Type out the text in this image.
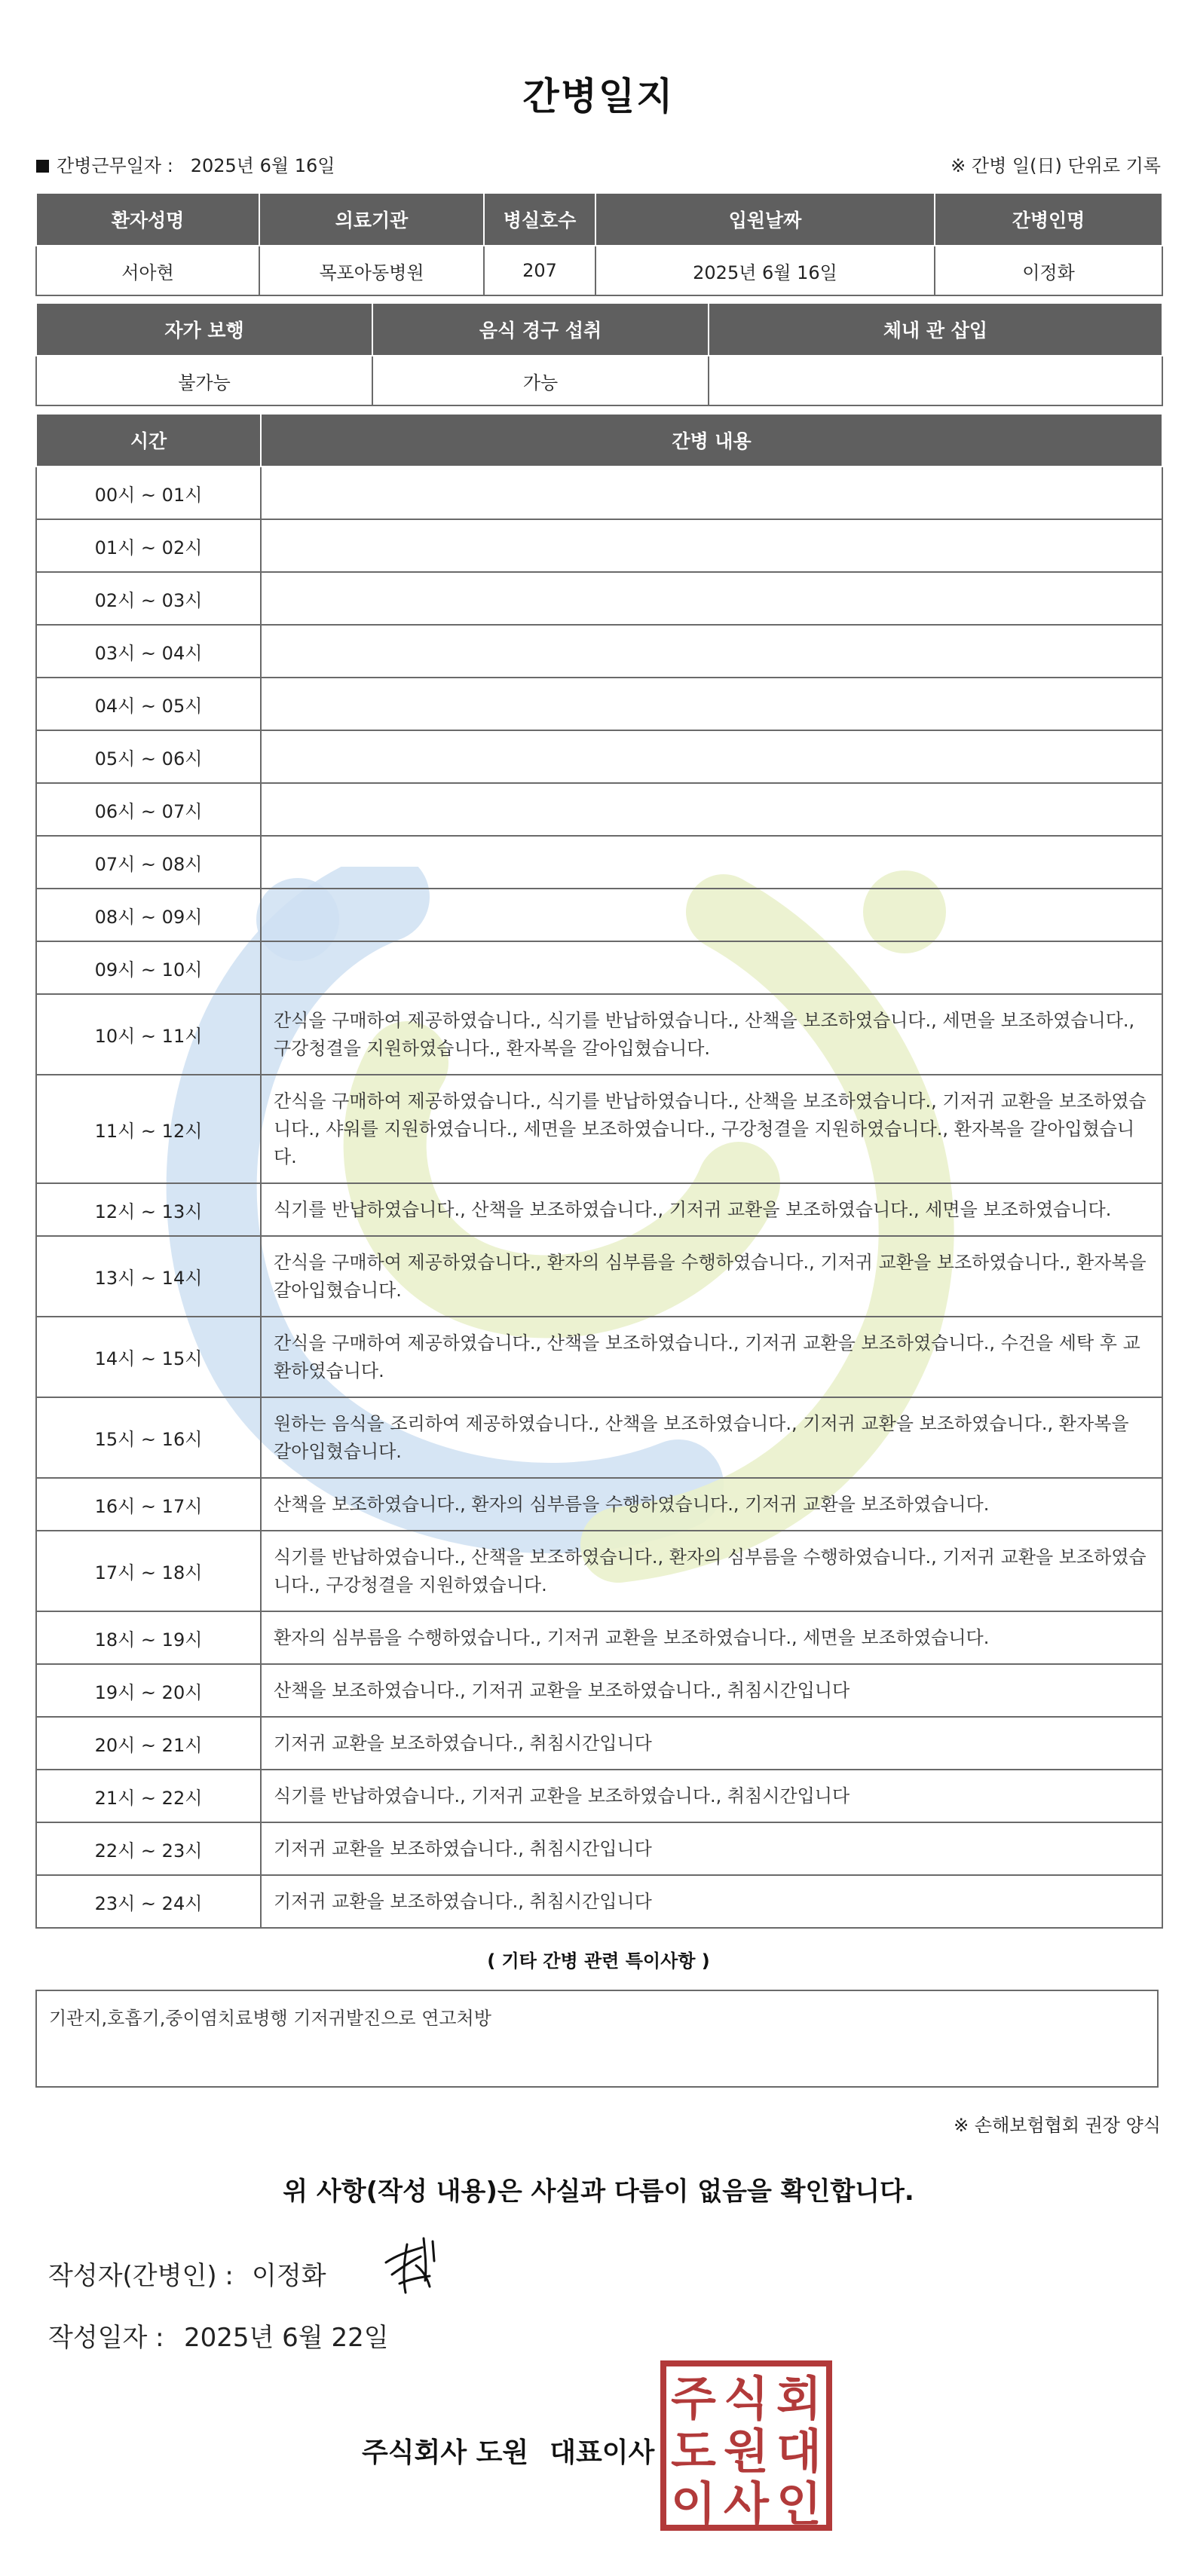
간병일지
간병근무일자 : 2025년 6월 16일	※ 간병 일(日) 단위로 기록
환자성명	의료기관	병실호수	입원날짜	간병인명
서아현	목포아동병원	207	2025년 6월 16일	이정화
자가 보행	음식 경구 섭취	체내 관 삽입
불가능	가능	
시간	간병 내용
00시 ~ 01시	
01시 ~ 02시	
02시 ~ 03시	
03시 ~ 04시	
04시 ~ 05시	
05시 ~ 06시	
06시 ~ 07시	
07시 ~ 08시	
08시 ~ 09시	
09시 ~ 10시	
10시 ~ 11시	간식을 구매하여 제공하였습니다., 식기를 반납하였습니다., 산책을 보조하였습니다., 세면을 보조하였습니다., 구강청결을 지원하였습니다., 환자복을 갈아입혔습니다.
11시 ~ 12시	간식을 구매하여 제공하였습니다., 식기를 반납하였습니다., 산책을 보조하였습니다., 기저귀 교환을 보조하였습니다., 샤워를 지원하였습니다., 세면을 보조하였습니다., 구강청결을 지원하였습니다., 환자복을 갈아입혔습니다.
12시 ~ 13시	식기를 반납하였습니다., 산책을 보조하였습니다., 기저귀 교환을 보조하였습니다., 세면을 보조하였습니다.
13시 ~ 14시	간식을 구매하여 제공하였습니다., 환자의 심부름을 수행하였습니다., 기저귀 교환을 보조하였습니다., 환자복을 갈아입혔습니다.
14시 ~ 15시	간식을 구매하여 제공하였습니다., 산책을 보조하였습니다., 기저귀 교환을 보조하였습니다., 수건을 세탁 후 교환하였습니다.
15시 ~ 16시	원하는 음식을 조리하여 제공하였습니다., 산책을 보조하였습니다., 기저귀 교환을 보조하였습니다., 환자복을 갈아입혔습니다.
16시 ~ 17시	산책을 보조하였습니다., 환자의 심부름을 수행하였습니다., 기저귀 교환을 보조하였습니다.
17시 ~ 18시	식기를 반납하였습니다., 산책을 보조하였습니다., 환자의 심부름을 수행하였습니다., 기저귀 교환을 보조하였습니다., 구강청결을 지원하였습니다.
18시 ~ 19시	환자의 심부름을 수행하였습니다., 기저귀 교환을 보조하였습니다., 세면을 보조하였습니다.
19시 ~ 20시	산책을 보조하였습니다., 기저귀 교환을 보조하였습니다., 취침시간입니다
20시 ~ 21시	기저귀 교환을 보조하였습니다., 취침시간입니다
21시 ~ 22시	식기를 반납하였습니다., 기저귀 교환을 보조하였습니다., 취침시간입니다
22시 ~ 23시	기저귀 교환을 보조하였습니다., 취침시간입니다
23시 ~ 24시	기저귀 교환을 보조하였습니다., 취침시간입니다
( 기타 간병 관련 특이사항 )
기관지,호흡기,중이염치료병행 기저귀발진으로 연고처방
※ 손해보험협회 권장 양식
위 사항(작성 내용)은 사실과 다름이 없음을 확인합니다.
작성자(간병인) : 이정화
작성일자 : 2025년 6월 22일
주식회사 도원 대표이사
주 식 회
도 원 대
이 사 인
